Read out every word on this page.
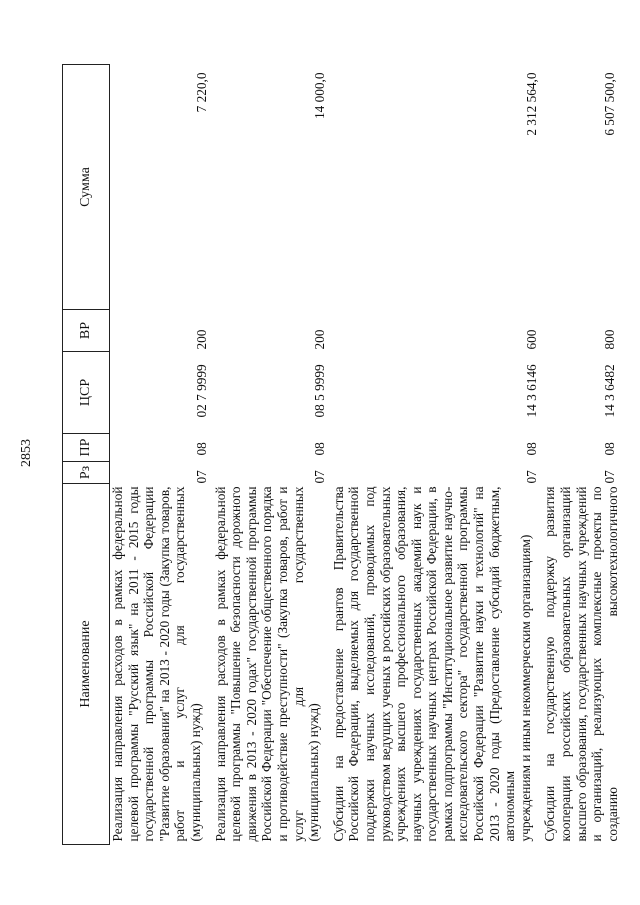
2853
Наименование	Рз	ПР	ЦСР	ВР	Сумма
Реализация направления расходов в рамках федеральной целевой программы "Русский язык" на 2011 - 2015 годы государственной программы Российской Федерации "Развитие образования" на 2013 - 2020 годы (Закупка товаров, работ и услуг для государственных (муниципальных) нужд)	07	08	02 7 9999	200	7 220,0
Реализация направления расходов в рамках федеральной целевой программы "Повышение безопасности дорожного движения в 2013 - 2020 годах" государственной программы Российской Федерации "Обеспечение общественного порядка и противодействие преступности" (Закупка товаров, работ и услуг для государственных (муниципальных) нужд)	07	08	08 5 9999	200	14 000,0
Субсидии на предоставление грантов Правительства Российской Федерации, выделяемых для государственной поддержки научных исследований, проводимых под руководством ведущих ученых в российских образовательных учреждениях высшего профессионального образования, научных учреждениях государственных академий наук и государственных научных центрах Российской Федерации, в рамках подпрограммы "Институциональное развитие научно-исследовательского сектора" государственной программы Российской Федерации "Развитие науки и технологий" на 2013 - 2020 годы (Предоставление субсидий бюджетным, автономным учреждениям и иным некоммерческим организациям)	07	08	14 3 6146	600	2 312 564,0
Субсидии на государственную поддержку развития кооперации российских образовательных организаций высшего образования, государственных научных учреждений и организаций, реализующих комплексные проекты по созданию высокотехнологичного	07	08	14 3 6482	800	6 507 500,0
